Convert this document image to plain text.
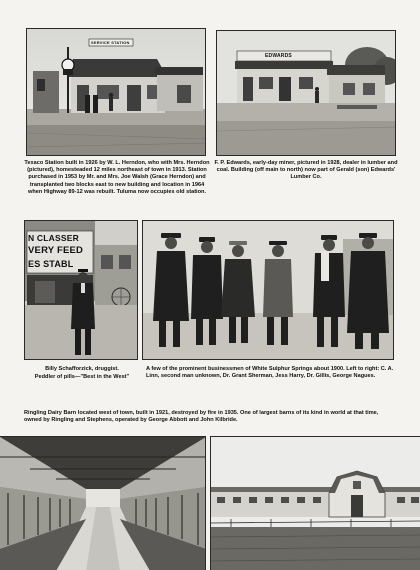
SERVICE STATION
EDWARDS
Texaco Station built in 1926 by W. L. Herndon, who with Mrs. Herndon (pictured), homesteaded 12 miles northeast of town in 1913. Station purchased in 1953 by Mr. and Mrs. Joe Walsh (Grace Herndon) and transplanted two blocks east to new building and location in 1964 when Highway 89-12 was rebuilt. Tuluma now occupies old station.
F. P. Edwards, early-day miner, pictured in 1928, dealer in lumber and coal. Building (off main to north) now part of Gerald (son) Edwards' Lumber Co.
N CLASSER
VERY FEED
ES STABL
Billy Schafforzick, druggist.
Peddler of pills—"Best in the West"
A few of the prominent businessmen of White Sulphur Springs about 1900. Left to right: C. A. Linn, second man unknown, Dr. Grant Sherman, Jess Harry, Dr. Gillis, George Nagues.
Ringling Dairy Barn located west of town, built in 1921, destroyed by fire in 1935. One of largest barns of its kind in world at that time, owned by Ringling and Stephens, operated by George Abbott and John Kilbride.
